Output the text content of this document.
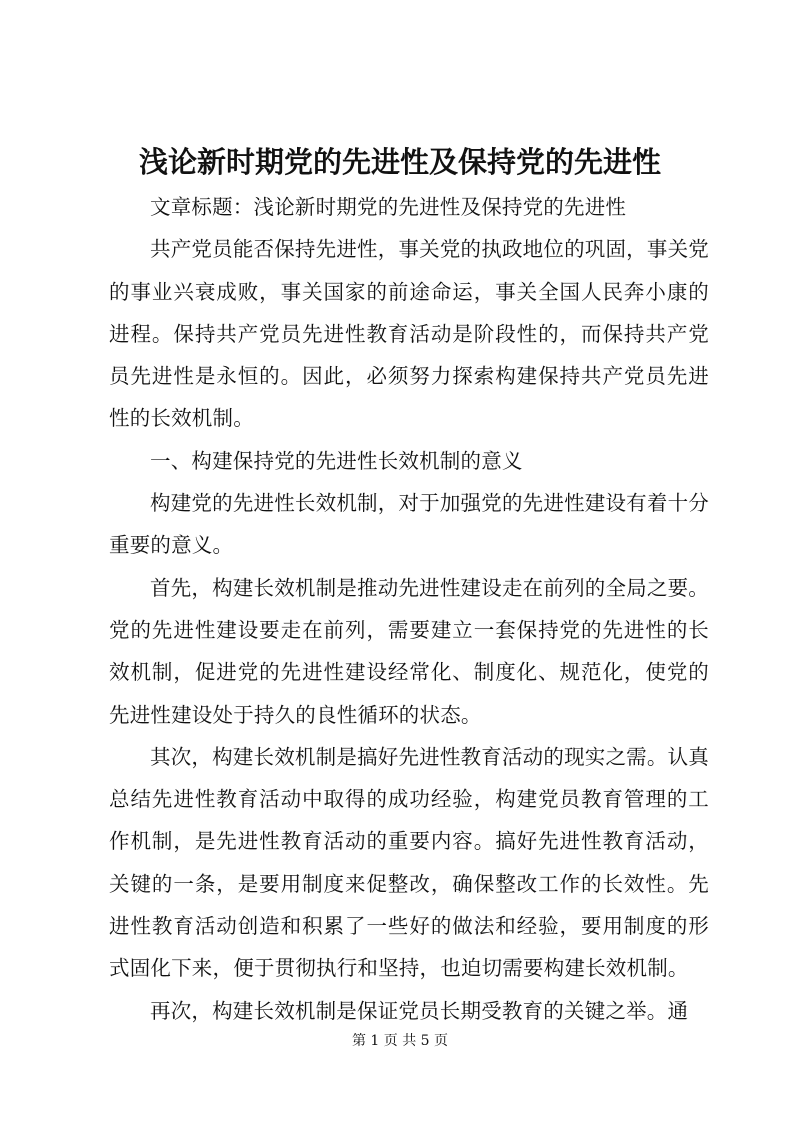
浅论新时期党的先进性及保持党的先进性

文章标题：浅论新时期党的先进性及保持党的先进性

共产党员能否保持先进性，事关党的执政地位的巩固，事关党的事业兴衰成败，事关国家的前途命运，事关全国人民奔小康的进程。保持共产党员先进性教育活动是阶段性的，而保持共产党员先进性是永恒的。因此，必须努力探索构建保持共产党员先进性的长效机制。

一、构建保持党的先进性长效机制的意义

构建党的先进性长效机制，对于加强党的先进性建设有着十分重要的意义。

首先，构建长效机制是推动先进性建设走在前列的全局之要。党的先进性建设要走在前列，需要建立一套保持党的先进性的长效机制，促进党的先进性建设经常化、制度化、规范化，使党的先进性建设处于持久的良性循环的状态。

其次，构建长效机制是搞好先进性教育活动的现实之需。认真总结先进性教育活动中取得的成功经验，构建党员教育管理的工作机制，是先进性教育活动的重要内容。搞好先进性教育活动，关键的一条，是要用制度来促整改，确保整改工作的长效性。先进性教育活动创造和积累了一些好的做法和经验，要用制度的形式固化下来，便于贯彻执行和坚持，也迫切需要构建长效机制。

再次，构建长效机制是保证党员长期受教育的关键之举。通

第 1 页 共 5 页
